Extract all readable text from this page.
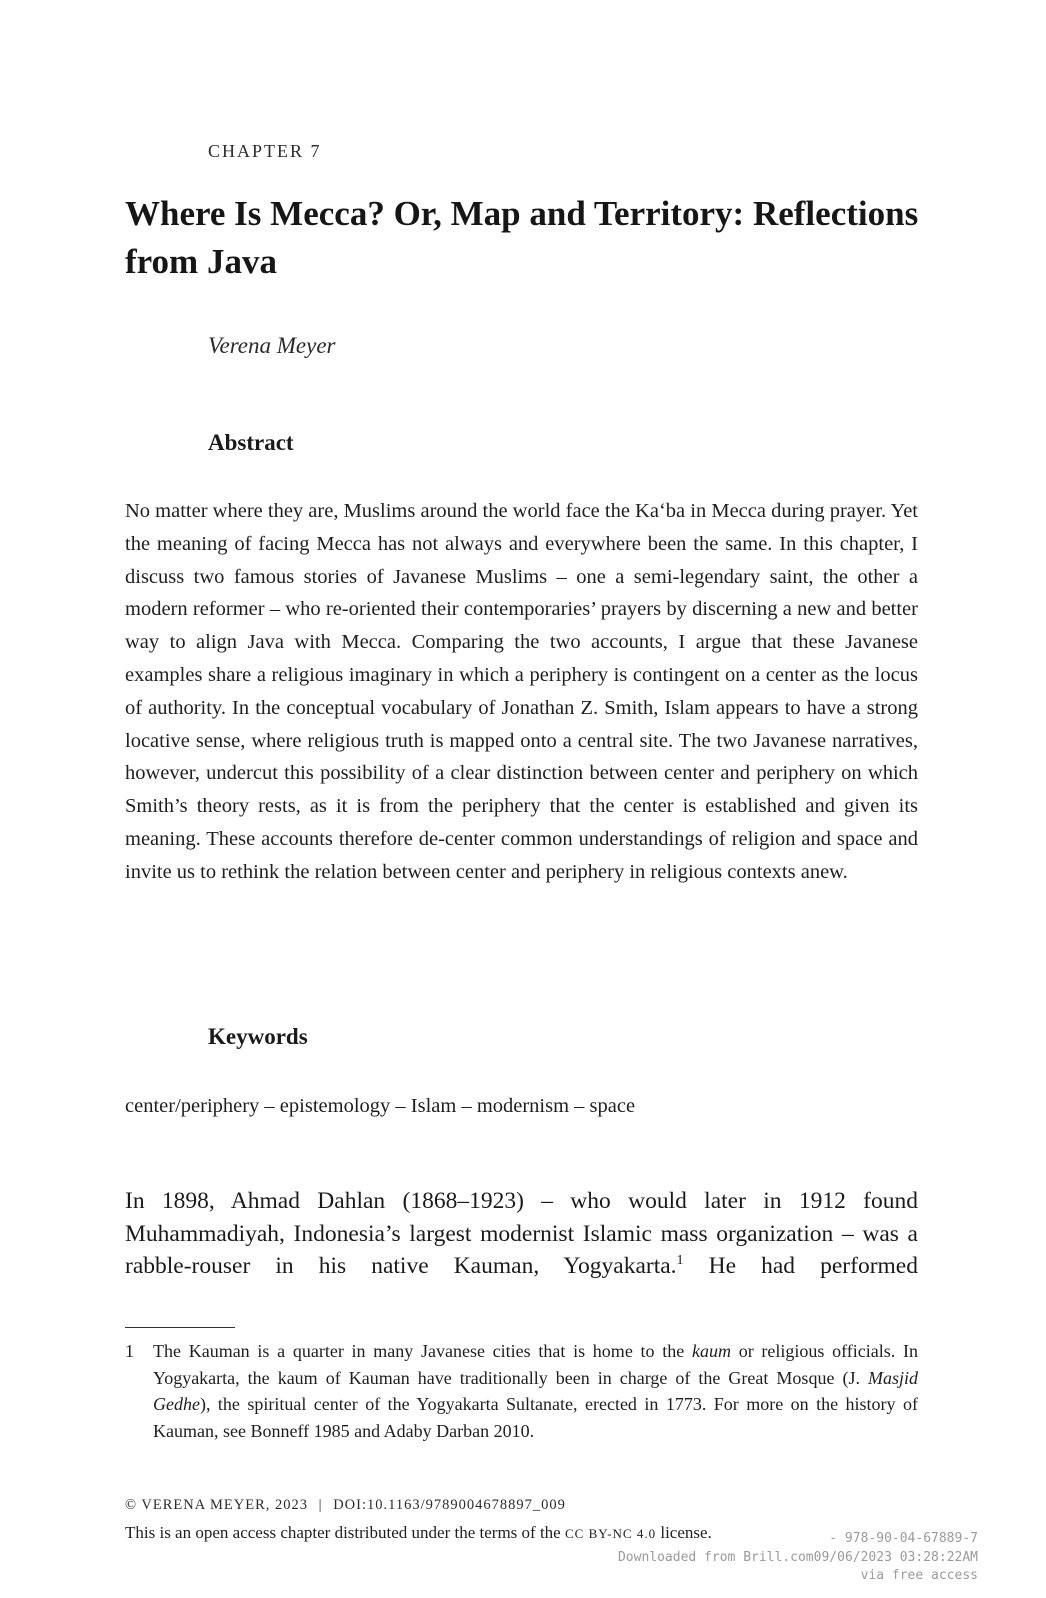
CHAPTER 7
Where Is Mecca? Or, Map and Territory: Reflections from Java
Verena Meyer
Abstract

No matter where they are, Muslims around the world face the Ka‘ba in Mecca during prayer. Yet the meaning of facing Mecca has not always and everywhere been the same. In this chapter, I discuss two famous stories of Javanese Muslims – one a semi-legendary saint, the other a modern reformer – who re-oriented their contemporaries’ prayers by discerning a new and better way to align Java with Mecca. Comparing the two accounts, I argue that these Javanese examples share a religious imaginary in which a periphery is contingent on a center as the locus of authority. In the conceptual vocabulary of Jonathan Z. Smith, Islam appears to have a strong locative sense, where religious truth is mapped onto a central site. The two Javanese narratives, however, undercut this possibility of a clear distinction between center and periphery on which Smith’s theory rests, as it is from the periphery that the center is established and given its meaning. These accounts therefore de-center common understandings of religion and space and invite us to rethink the relation between center and periphery in religious contexts anew.

Keywords

center/periphery – epistemology – Islam – modernism – space

In 1898, Ahmad Dahlan (1868–1923) – who would later in 1912 found Muhammadiyah, Indonesia’s largest modernist Islamic mass organization – was a rabble-rouser in his native Kauman, Yogyakarta.$^1$ He had performed

1	The Kauman is a quarter in many Javanese cities that is home to the kaum or religious officials. In Yogyakarta, the kaum of Kauman have traditionally been in charge of the Great Mosque (J. Masjid Gedhe), the spiritual center of the Yogyakarta Sultanate, erected in 1773. For more on the history of Kauman, see Bonneff 1985 and Adaby Darban 2010.

© VERENA MEYER, 2023 | DOI:10.1163/9789004678897_009
This is an open access chapter distributed under the terms of the CC BY-NC 4.0 license.	- 978-90-04-67889-7
Downloaded from Brill.com09/06/2023 03:28:22AM
via free access
